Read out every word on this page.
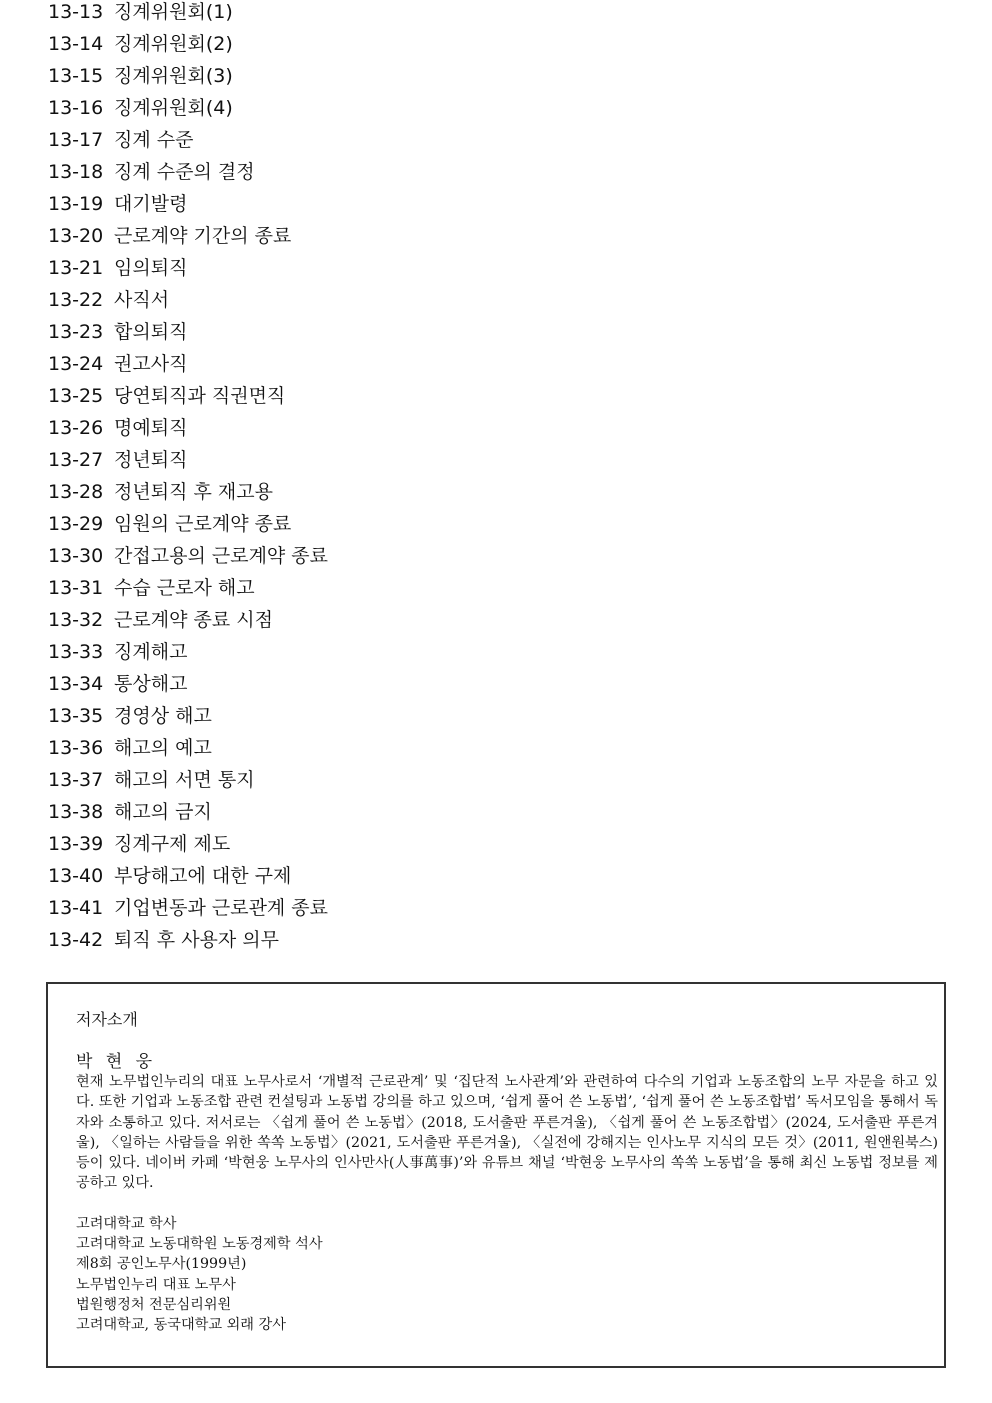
13-13 징계위원회(1)
13-14 징계위원회(2)
13-15 징계위원회(3)
13-16 징계위원회(4)
13-17 징계 수준
13-18 징계 수준의 결정
13-19 대기발령
13-20 근로계약 기간의 종료
13-21 임의퇴직
13-22 사직서
13-23 합의퇴직
13-24 권고사직
13-25 당연퇴직과 직권면직
13-26 명예퇴직
13-27 정년퇴직
13-28 정년퇴직 후 재고용
13-29 임원의 근로계약 종료
13-30 간접고용의 근로계약 종료
13-31 수습 근로자 해고
13-32 근로계약 종료 시점
13-33 징계해고
13-34 통상해고
13-35 경영상 해고
13-36 해고의 예고
13-37 해고의 서면 통지
13-38 해고의 금지
13-39 징계구제 제도
13-40 부당해고에 대한 구제
13-41 기업변동과 근로관계 종료
13-42 퇴직 후 사용자 의무
저자소개
박 현 웅
현재 노무법인누리의 대표 노무사로서 ‘개별적 근로관계’ 및 ‘집단적 노사관계’와 관련하여 다수의 기업과 노동조합의 노무 자문을 하고 있다. 또한 기업과 노동조합 관련 컨설팅과 노동법 강의를 하고 있으며, ‘쉽게 풀어 쓴 노동법’, ‘쉽게 풀어 쓴 노동조합법’ 독서모임을 통해서 독자와 소통하고 있다. 저서로는 〈쉽게 풀어 쓴 노동법〉(2018, 도서출판 푸른겨울), 〈쉽게 풀어 쓴 노동조합법〉(2024, 도서출판 푸른겨울), 〈일하는 사람들을 위한 쏙쏙 노동법〉(2021, 도서출판 푸른겨울), 〈실전에 강해지는 인사노무 지식의 모든 것〉(2011, 원앤원북스) 등이 있다. 네이버 카페 ‘박현웅 노무사의 인사만사(人事萬事)’와 유튜브 채널 ‘박현웅 노무사의 쏙쏙 노동법’을 통해 최신 노동법 정보를 제공하고 있다.
고려대학교 학사
고려대학교 노동대학원 노동경제학 석사
제8회 공인노무사(1999년)
노무법인누리 대표 노무사
법원행정처 전문심리위원
고려대학교, 동국대학교 외래 강사
